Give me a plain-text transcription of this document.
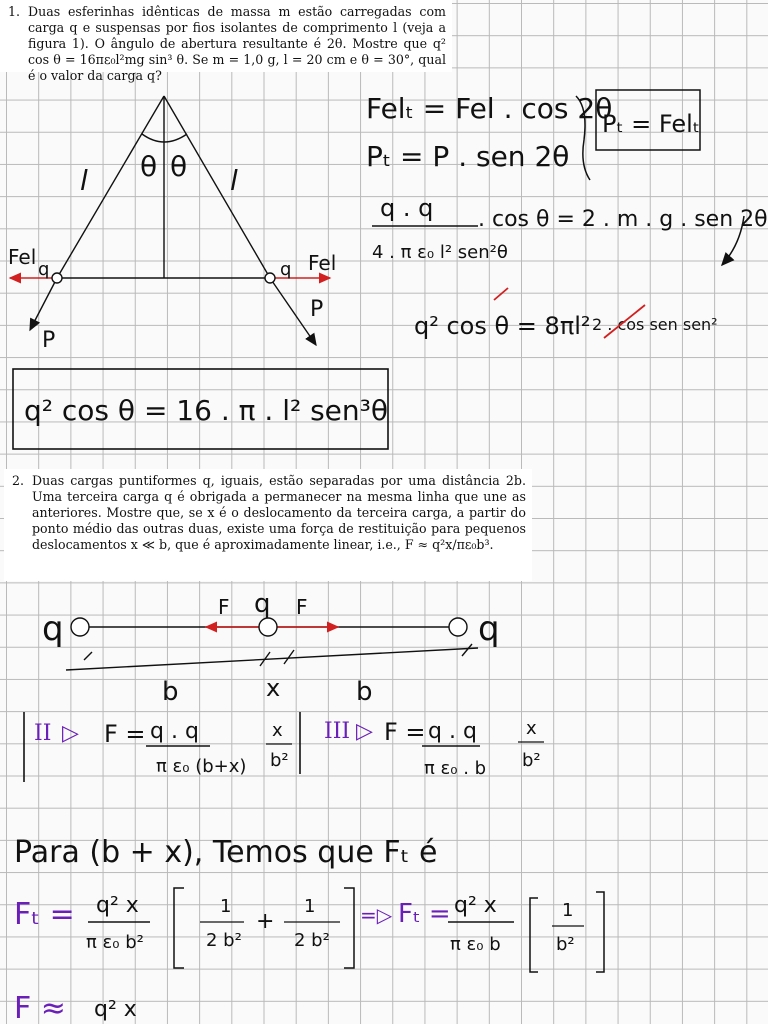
1. Duas esferinhas idênticas de massa m estão carregadas com carga q e suspensas por fios isolantes de comprimento l (veja a figura 1). O ângulo de abertura resultante é 2θ. Mostre que q² cos θ = 16πε₀l²mg sin³ θ. Se m = 1,0 g, l = 20 cm e θ = 30°, qual é o valor da carga q?
2. Duas cargas puntiformes q, iguais, estão separadas por uma distância 2b. Uma terceira carga q é obrigada a permanecer na mesma linha que une as anteriores. Mostre que, se x é o deslocamento da terceira carga, a partir do ponto médio das outras duas, existe uma força de restituição para pequenos deslocamentos x ≪ b, que é aproximadamente linear, i.e., F ≈ q²x/πε₀b³.
θ θ
l	l
Fel
q	q Fel
P
P
Felₜ = Fel . cos 2θ
Pₜ = P . sen 2θ
Pₜ = Felₜ
q . q
4 . π ε₀ l² sen²θ
. cos θ = 2 . m . g . sen 2θ
q² cos θ = 8πl² 2 . cos sen sen²
q² cos θ = 16 . π . l² sen³θ
q
q
q
F	F
b	x	b
II ▷ F = q . q
π ε₀ (b+x)
x
b²
III ▷ F = q . q
π ε₀ . b
x
b²
Para (b + x), Temos que Fₜ é
Fₜ = q² x
π ε₀ b²
1
2 b²
+
1
2 b²
=▷ Fₜ = q² x
π ε₀ b
1
b²
F ≈ q² x
